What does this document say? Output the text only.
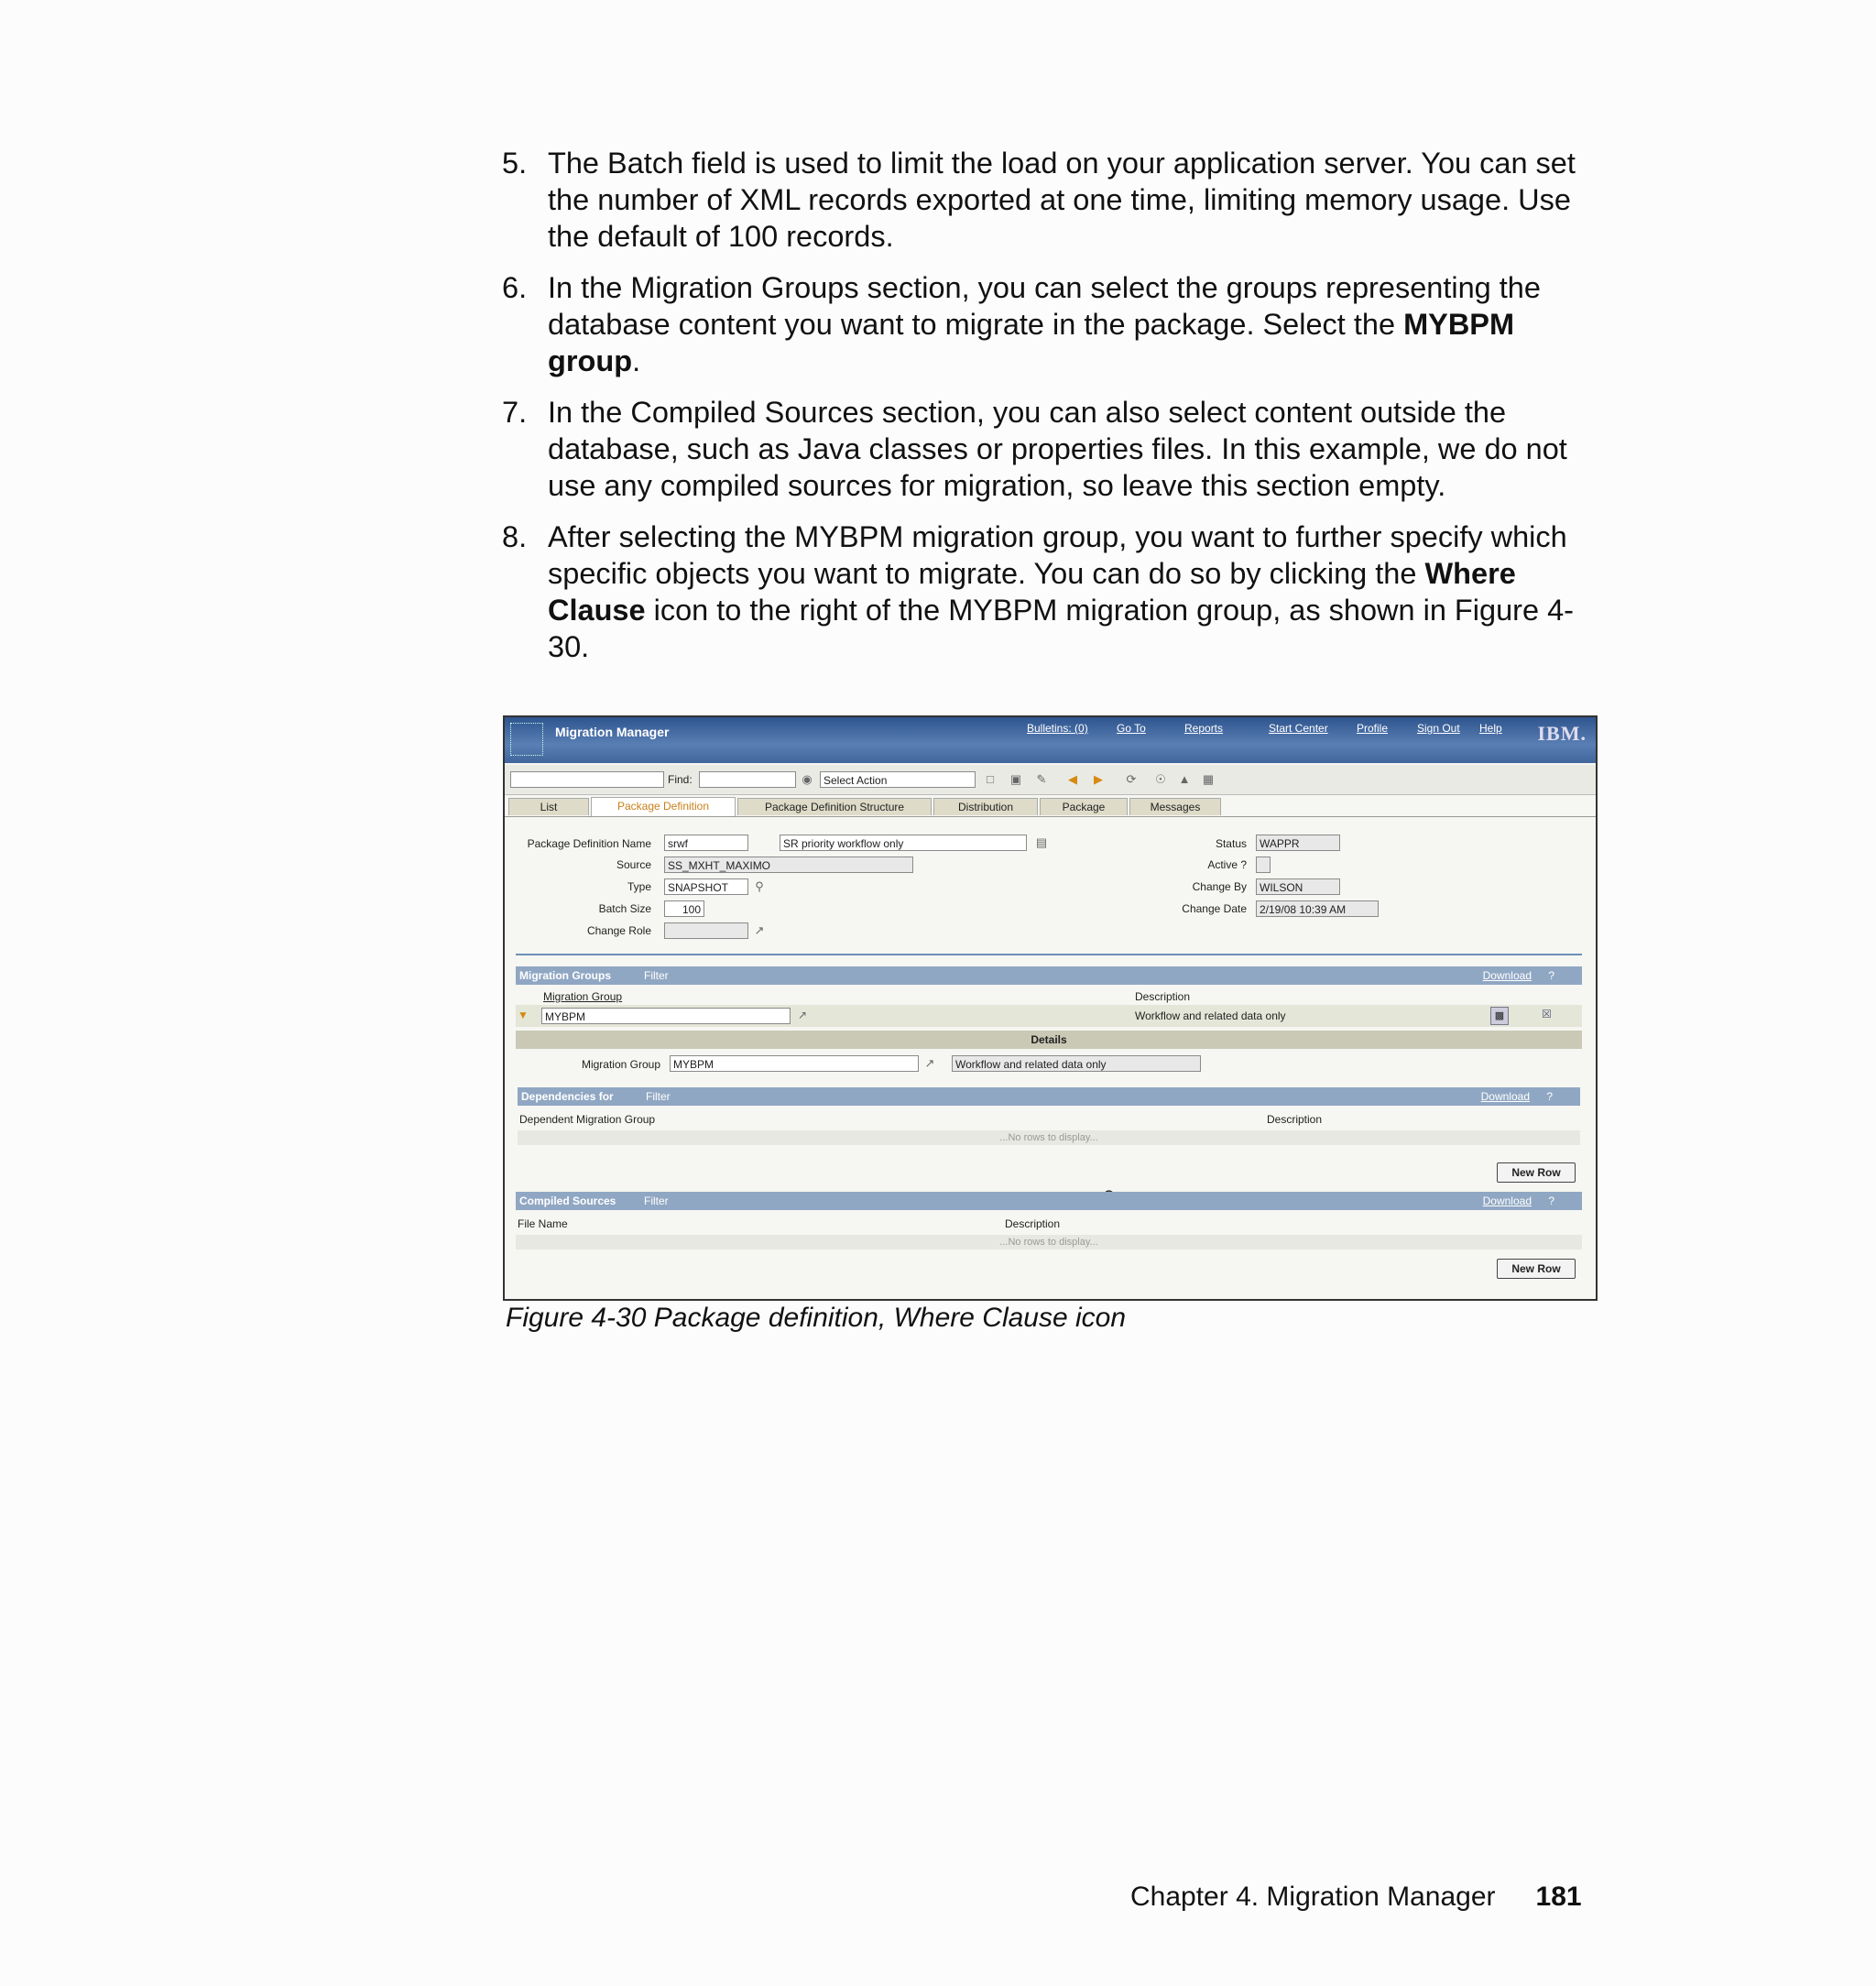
5. The Batch field is used to limit the load on your application server. You can set the number of XML records exported at one time, limiting memory usage. Use the default of 100 records.
6. In the Migration Groups section, you can select the groups representing the database content you want to migrate in the package. Select the MYBPM group.
7. In the Compiled Sources section, you can also select content outside the database, such as Java classes or properties files. In this example, we do not use any compiled sources for migration, so leave this section empty.
8. After selecting the MYBPM migration group, you want to further specify which specific objects you want to migrate. You can do so by clicking the Where Clause icon to the right of the MYBPM migration group, as shown in Figure 4-30.
Migration Manager	Bulletins: (0)	Go To	Reports	Start Center	Profile	Sign Out Help IBM.
Find:	◉	Select Action	□	▣ ✎ ◀ ▶ ⟳ ☉ ▲ ▦
List	Package Definition	Package Definition Structure	Distribution	Package	Messages
Package Definition Name	srwf	SR priority workflow only	▤
Source	SS_MXHT_MAXIMO
Type	SNAPSHOT	⚲
Batch Size	100
Change Role	↗
Status	WAPPR
Active ?
Change By	WILSON
Change Date	2/19/08 10:39 AM
Migration Groups	Filter	Download ?
Migration Group	Description
▼	MYBPM	↗	Workflow and related data only	▩	☒
Details
Migration Group	MYBPM	↗	Workflow and related data only
Dependencies for	Filter	Download ?
Dependent Migration Group	Description
...No rows to display...
New Row
Compiled Sources	Filter	Download ?
File Name	Description
...No rows to display...
New Row
Figure 4-30 Package definition, Where Clause icon
Chapter 4. Migration Manager 181
